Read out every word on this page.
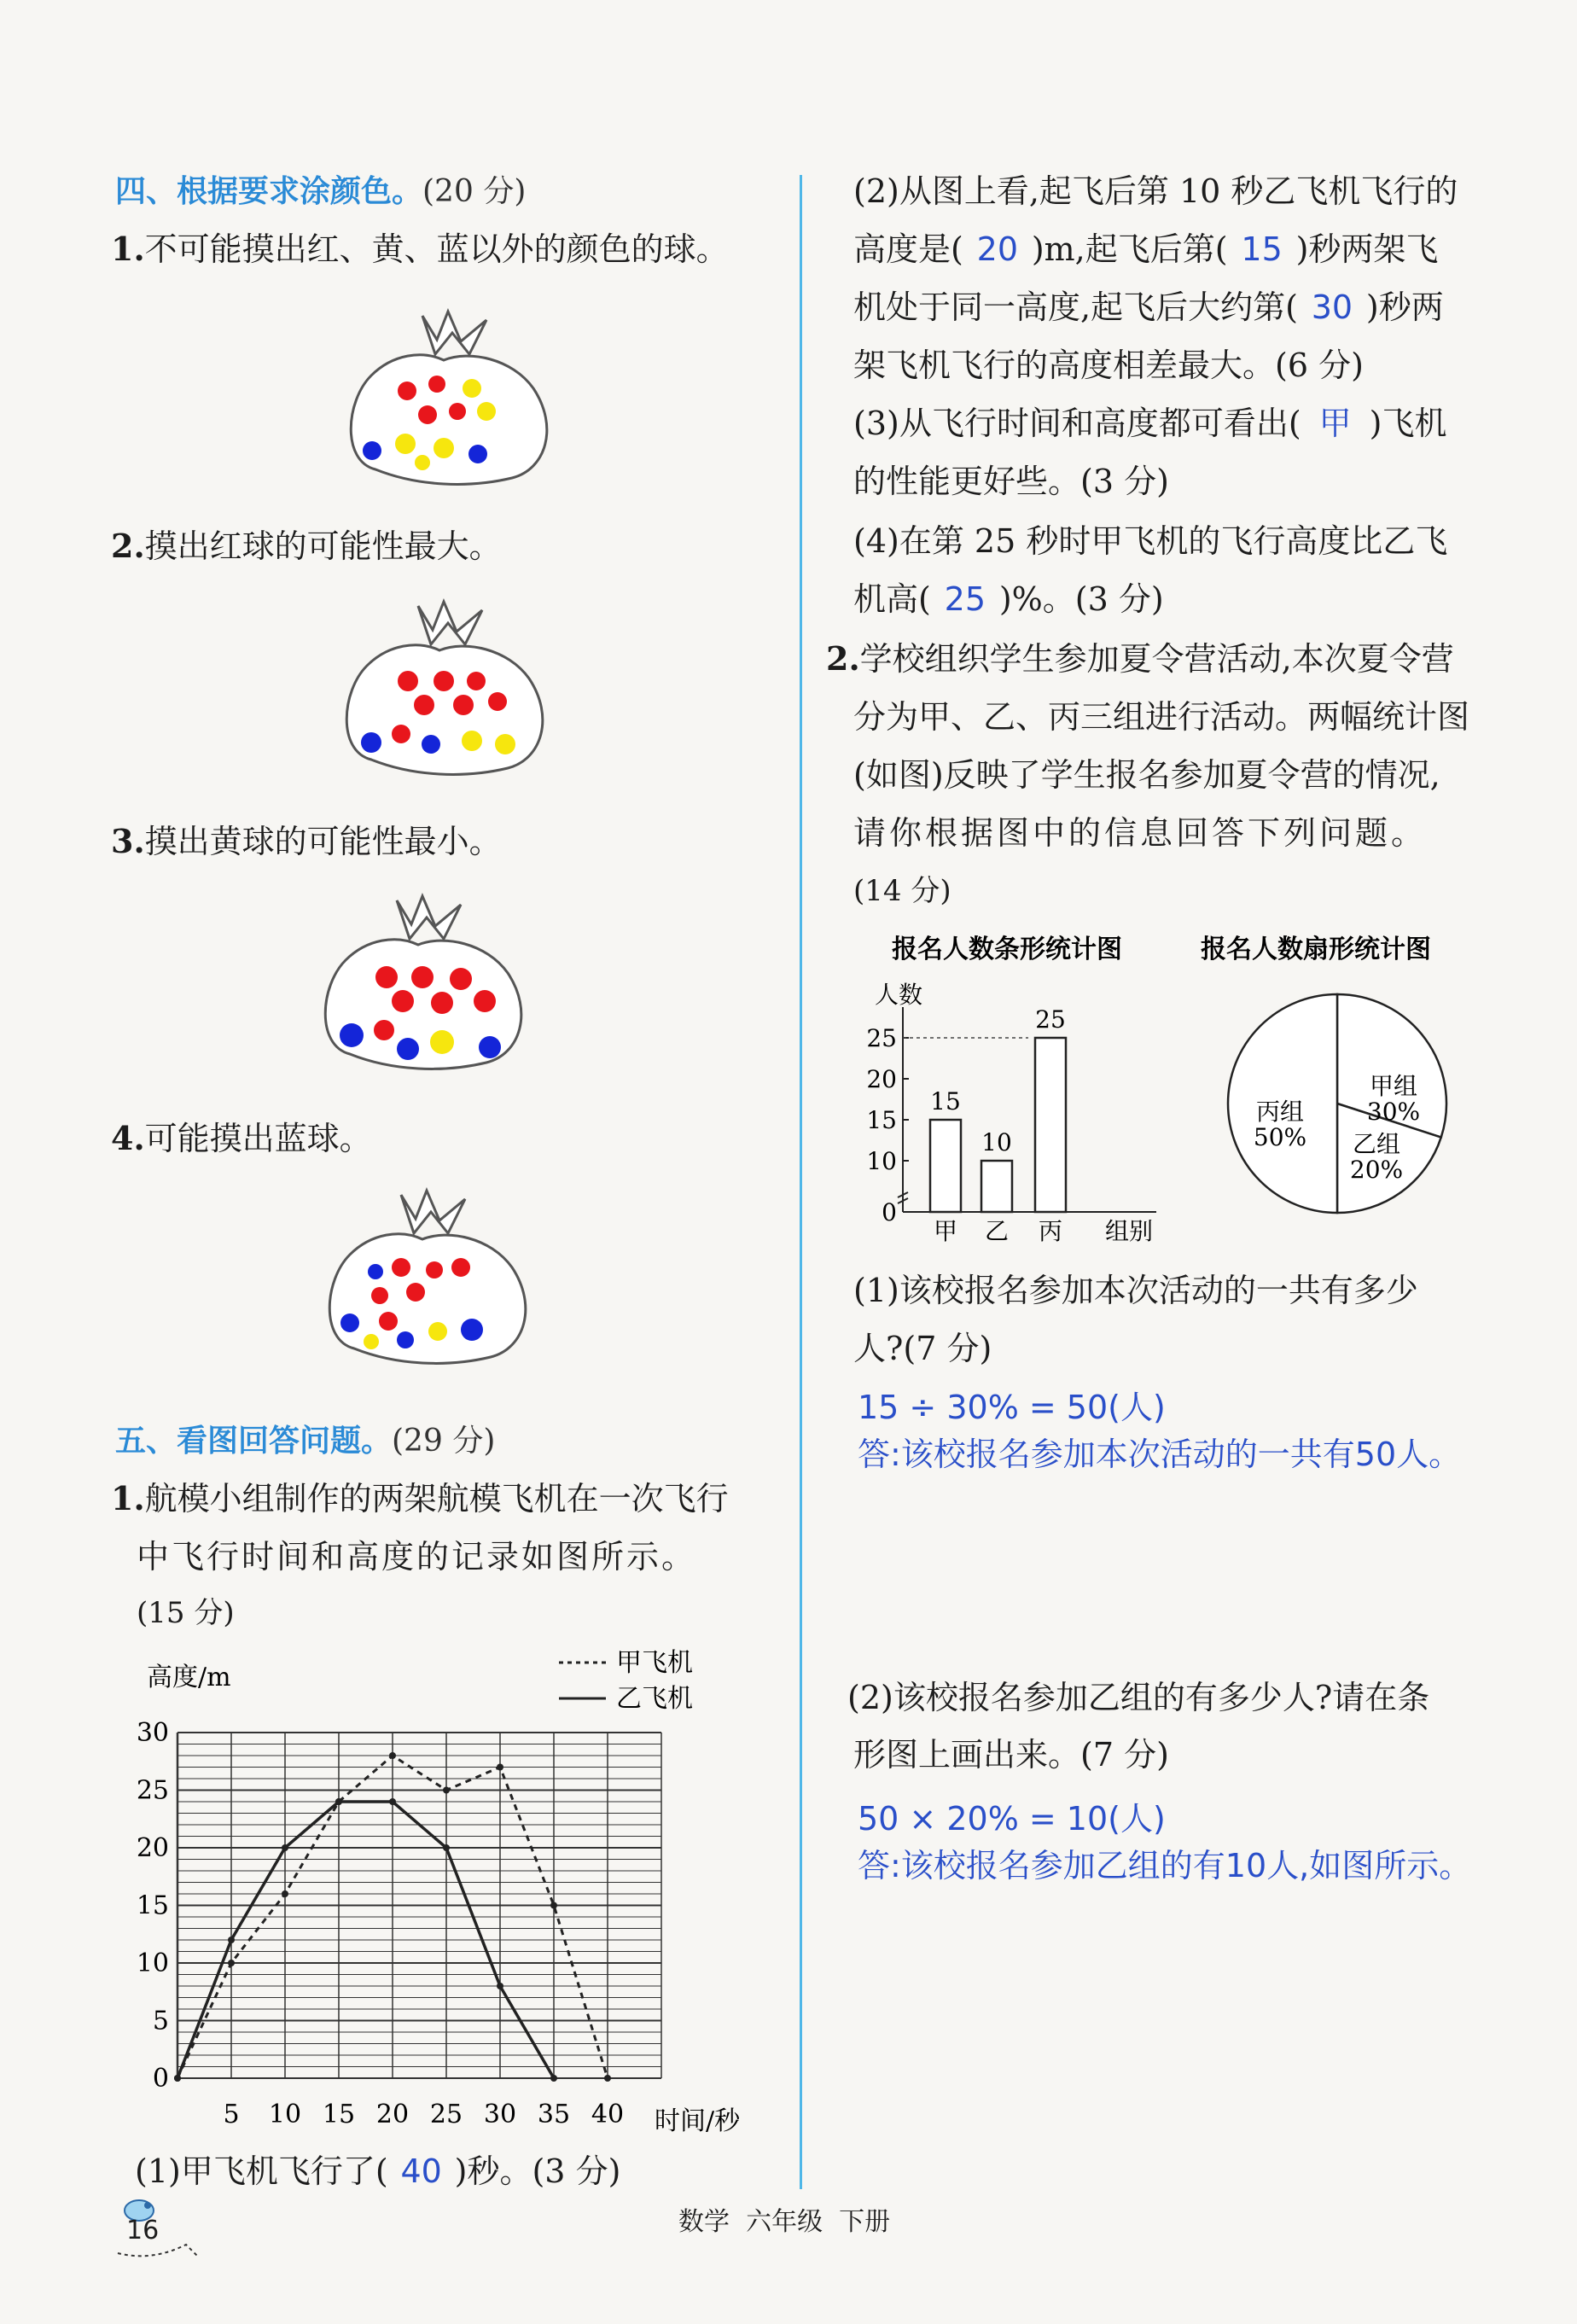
四、根据要求涂颜色。(20 分)
1.不可能摸出红、黄、蓝以外的颜色的球。
2.摸出红球的可能性最大。
3.摸出黄球的可能性最小。
4.可能摸出蓝球。
五、看图回答问题。(29 分)
1.航模小组制作的两架航模飞机在一次飞行
中飞行时间和高度的记录如图所示。
(15 分)
0
5
10
15
20
25
30
5 10 15 20 25 30 35 40
高度/m
时间/秒
甲飞机
乙飞机
(1)甲飞机飞行了( 40 )秒。(3 分)
16	数学 六年级 下册
(2)从图上看,起飞后第 10 秒乙飞机飞行的
高度是( 20 )m,起飞后第( 15 )秒两架飞
机处于同一高度,起飞后大约第( 30 )秒两
架飞机飞行的高度相差最大。(6 分)
(3)从飞行时间和高度都可看出( 甲 )飞机
的性能更好些。(3 分)
(4)在第 25 秒时甲飞机的飞行高度比乙飞
机高( 25 )%。(3 分)
2.学校组织学生参加夏令营活动,本次夏令营
分为甲、乙、丙三组进行活动。两幅统计图
(如图)反映了学生报名参加夏令营的情况,
请你根据图中的信息回答下列问题。
(14 分)
报名人数条形统计图
人数
0
10
15
20
25
15
甲
10
乙
25
丙 组别
报名人数扇形统计图
甲组
30%
乙组
20%
丙组
50%
(1)该校报名参加本次活动的一共有多少
人?(7 分)
15 ÷ 30% = 50(人)
答:该校报名参加本次活动的一共有50人。
(2)该校报名参加乙组的有多少人?请在条
形图上画出来。(7 分)
50 × 20% = 10(人)
答:该校报名参加乙组的有10人,如图所示。
